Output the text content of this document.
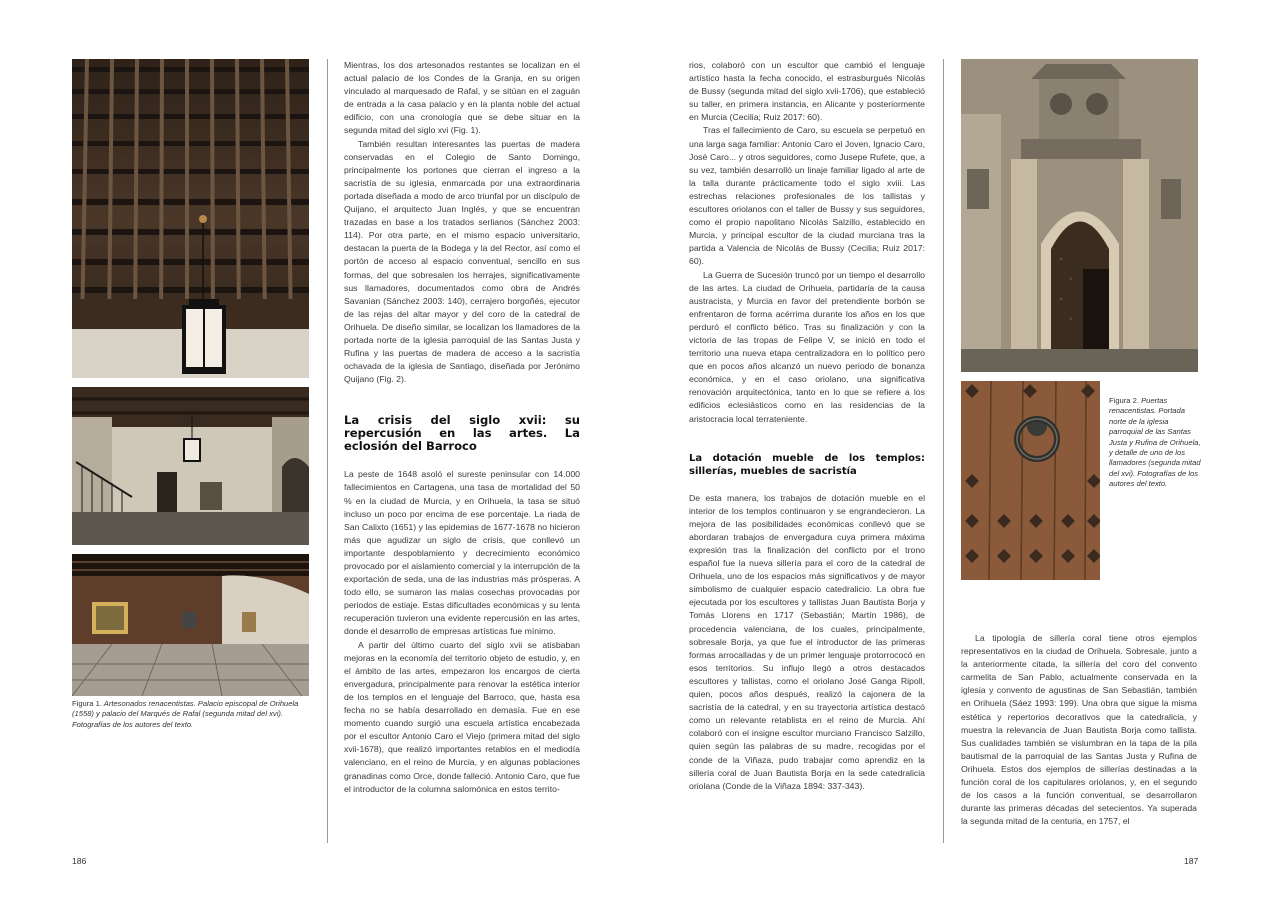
Figura 1. Artesonados renacentistas. Palacio episcopal de Orihuela (1558) y palacio del Marqués de Rafal (segunda mitad del xvi). Fotografías de los autores del texto.

Mientras, los dos artesonados restantes se localizan en el actual palacio de los Condes de la Granja, en su origen vinculado al marquesado de Rafal, y se sitúan en el zaguán de entrada a la casa palacio y en la planta noble del actual edificio, con una cronología que se debe situar en la segunda mitad del siglo xvi (Fig. 1).

También resultan interesantes las puertas de madera conservadas en el Colegio de Santo Domingo, principalmente los portones que cierran el ingreso a la sacristía de su iglesia, enmarcada por una extraordinaria portada diseñada a modo de arco triunfal por un discípulo de Quijano, el arquitecto Juan Inglés, y que se encuentran trazadas en base a los tratados serlianos (Sánchez 2003: 114). Por otra parte, en el mismo espacio universitario, destacan la puerta de la Bodega y la del Rector, así como el portón de acceso al espacio conventual, sencillo en sus formas, del que sobresalen los herrajes, significativamente sus llamadores, documentados como obra de Andrés Savanian (Sánchez 2003: 140), cerrajero borgoñés, ejecutor de las rejas del altar mayor y del coro de la catedral de Orihuela. De diseño similar, se localizan los llamadores de la portada norte de la iglesia parroquial de las Santas Justa y Rufina y las puertas de madera de acceso a la sacristía ochavada de la iglesia de Santiago, diseñada por Jerónimo Quijano (Fig. 2).

La crisis del siglo xvii: su repercusión en las artes. La eclosión del Barroco

La peste de 1648 asoló el sureste peninsular con 14.000 fallecimientos en Cartagena, una tasa de mortalidad del 50 % en la ciudad de Murcia, y en Orihuela, la tasa se situó incluso un poco por encima de ese porcentaje. La riada de San Calixto (1651) y las epidemias de 1677-1678 no hicieron más que agudizar un siglo de crisis, que conllevó un importante despoblamiento y decrecimiento económico provocado por el aislamiento comercial y la interrupción de la exportación de seda, una de las industrias más prósperas. A todo ello, se sumaron las malas cosechas provocadas por periodos de estiaje. Estas dificultades económicas y su lenta recuperación tuvieron una evidente repercusión en las artes, donde el desarrollo de empresas artísticas fue mínimo.

A partir del último cuarto del siglo xvii se atisbaban mejoras en la economía del territorio objeto de estudio, y, en el ámbito de las artes, empezaron los encargos de cierta envergadura, principalmente para renovar la estética interior de los templos en el lenguaje del Barroco, que, hasta esa fecha no se había desarrollado en demasía. Fue en ese momento cuando surgió una escuela artística encabezada por el escultor Antonio Caro el Viejo (primera mitad del siglo xvii-1678), que realizó importantes retablos en el mediodía valenciano, en el reino de Murcia, y en algunas poblaciones granadinas como Orce, donde falleció. Antonio Caro, que fue el introductor de la columna salomónica en estos territo-

186

rios, colaboró con un escultor que cambió el lenguaje artístico hasta la fecha conocido, el estrasburgués Nicolás de Bussy (segunda mitad del siglo xvii-1706), que estableció su taller, en primera instancia, en Alicante y posteriormente en Murcia (Cecilia; Ruiz 2017: 60).

Tras el fallecimiento de Caro, su escuela se perpetuó en una larga saga familiar: Antonio Caro el Joven, Ignacio Caro, José Caro... y otros seguidores, como Jusepe Rufete, que, a su vez, también desarrolló un linaje familiar ligado al arte de la talla durante prácticamente todo el siglo xviii. Las estrechas relaciones profesionales de los tallistas y escultores oriolanos con el taller de Bussy y sus seguidores, como el propio napolitano Nicolás Salzillo, establecido en Murcia, y principal escultor de la ciudad murciana tras la partida a Valencia de Nicolás de Bussy (Cecilia; Ruiz 2017: 60).

La Guerra de Sucesión truncó por un tiempo el desarrollo de las artes. La ciudad de Orihuela, partidaria de la causa austracista, y Murcia en favor del pretendiente borbón se enfrentaron de forma acérrima durante los años en los que perduró el conflicto bélico. Tras su finalización y con la victoria de las tropas de Felipe V, se inició en todo el territorio una nueva etapa centralizadora en lo político pero que en pocos años alcanzó un nuevo periodo de bonanza económica, y en el caso oriolano, una significativa renovación arquitectónica, tanto en lo que se refiere a los edificios eclesiásticos como en las residencias de la aristocracia local terrateniente.

La dotación mueble de los templos: sillerías, muebles de sacristía

De esta manera, los trabajos de dotación mueble en el interior de los templos continuaron y se engrandecieron. La mejora de las posibilidades económicas conllevó que se abordaran trabajos de envergadura cuya primera máxima expresión tras la finalización del conflicto por el trono español fue la nueva sillería para el coro de la catedral de Orihuela, uno de los espacios más significativos y de mayor simbolismo de cualquier espacio catedralicio. La obra fue ejecutada por los escultores y tallistas Juan Bautista Borja y Tomás Llorens en 1717 (Sebastián; Martín 1986), de procedencia valenciana, de los cuales, principalmente, sobresale Borja, ya que fue el introductor de las primeras formas arrocalladas y de un primer lenguaje protorrococó en esos territorios. Su influjo llegó a otros destacados escultores y tallistas, como el oriolano José Ganga Ripoll, quien, pocos años después, realizó la cajonera de la sacristía de la catedral, y en su trayectoria artística destacó como un relevante retablista en el reino de Murcia. Ahí colaboró con el insigne escultor murciano Francisco Salzillo, quien según las palabras de su madre, recogidas por el conde de la Viñaza, pudo trabajar como aprendiz en la sillería coral de Juan Bautista Borja en la sede catedralicia oriolana (Conde de la Viñaza 1894: 337-343).

Figura 2. Puertas renacentistas. Portada norte de la iglesia parroquial de las Santas Justa y Rufina de Orihuela, y detalle de uno de los llamadores (segunda mitad del xvi). Fotografías de los autores del texto.

La tipología de sillería coral tiene otros ejemplos representativos en la ciudad de Orihuela. Sobresale, junto a la anteriormente citada, la sillería del coro del convento carmelita de San Pablo, actualmente conservada en la iglesia y convento de agustinas de San Sebastián, también en Orihuela (Sáez 1993: 199). Una obra que sigue la misma estética y repertorios decorativos que la catedralicia, y muestra la relevancia de Juan Bautista Borja como tallista. Sus cualidades también se vislumbran en la tapa de la pila bautismal de la parroquial de las Santas Justa y Rufina de Orihuela. Estos dos ejemplos de sillerías destinadas a la función coral de los capitulares oriolanos, y, en el segundo de los casos a la función conventual, se desarrollaron durante las primeras décadas del setecientos. Ya superada la segunda mitad de la centuria, en 1757, el

187
